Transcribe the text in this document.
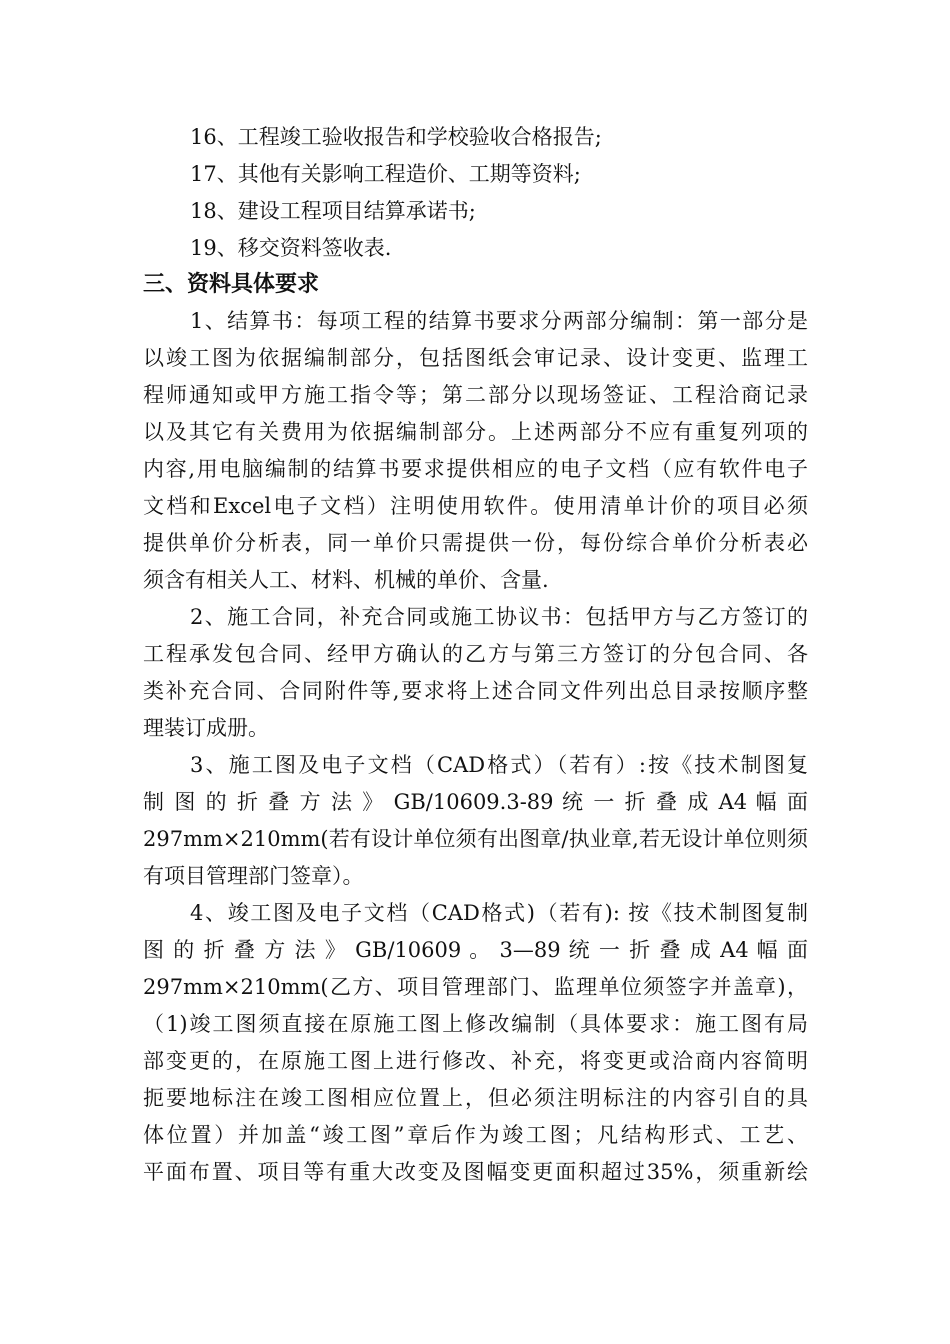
16、工程竣工验收报告和学校验收合格报告;
17、其他有关影响工程造价、工期等资料;
18、建设工程项目结算承诺书;
19、移交资料签收表.
三、资料具体要求
1、结算书：每项工程的结算书要求分两部分编制：第一部分是
以竣工图为依据编制部分，包括图纸会审记录、设计变更、监理工
程师通知或甲方施工指令等；第二部分以现场签证、工程洽商记录
以及其它有关费用为依据编制部分。上述两部分不应有重复列项的
内容,用电脑编制的结算书要求提供相应的电子文档（应有软件电子
文档和Excel电子文档）注明使用软件。使用清单计价的项目必须
提供单价分析表，同一单价只需提供一份，每份综合单价分析表必
须含有相关人工、材料、机械的单价、含量.
2、施工合同，补充合同或施工协议书：包括甲方与乙方签订的
工程承发包合同、经甲方确认的乙方与第三方签订的分包合同、各
类补充合同、合同附件等,要求将上述合同文件列出总目录按顺序整
理装订成册。
3、施工图及电子文档（CAD格式）（若有）:按《技术制图复
制 图 的 折 叠 方 法 》 GB/10609.3-89 统 一 折 叠 成 A4 幅 面
297mm×210mm(若有设计单位须有出图章/执业章,若无设计单位则须
有项目管理部门签章）。
4、竣工图及电子文档（CAD格式)（若有): 按《技术制图复制
图 的 折 叠 方 法 》 GB/10609 。 3—89 统 一 折 叠 成 A4 幅 面
297mm×210mm(乙方、项目管理部门、监理单位须签字并盖章)，
（1)竣工图须直接在原施工图上修改编制（具体要求：施工图有局
部变更的，在原施工图上进行修改、补充，将变更或洽商内容简明
扼要地标注在竣工图相应位置上，但必须注明标注的内容引自的具
体位置）并加盖“竣工图”章后作为竣工图；凡结构形式、工艺、
平面布置、项目等有重大改变及图幅变更面积超过35%，须重新绘
